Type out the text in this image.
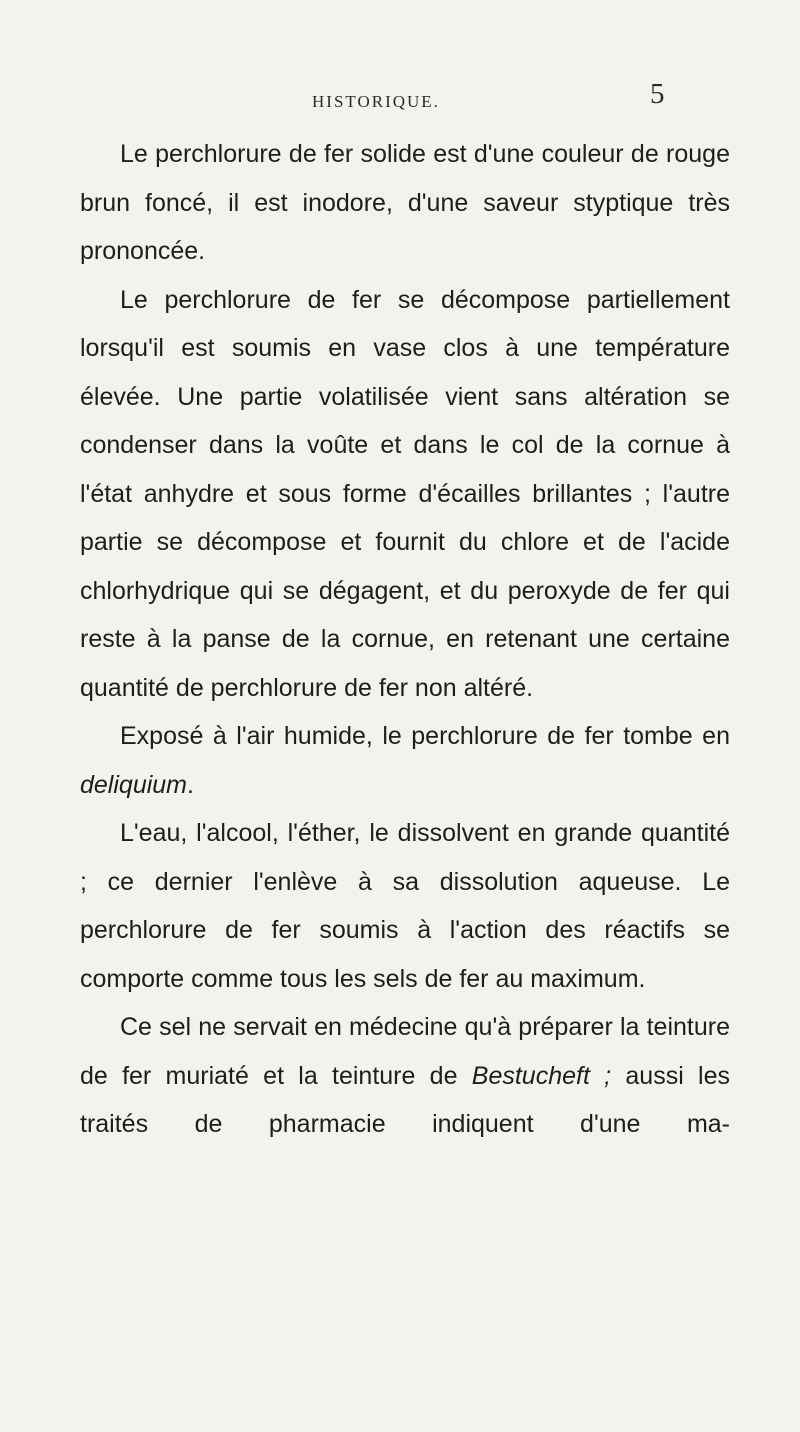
HISTORIQUE.	5

Le perchlorure de fer solide est d'une couleur de rouge brun foncé, il est inodore, d'une saveur styptique très prononcée.

Le perchlorure de fer se décompose partiellement lorsqu'il est soumis en vase clos à une température élevée. Une partie volatilisée vient sans altération se condenser dans la voûte et dans le col de la cornue à l'état anhydre et sous forme d'écailles brillantes ; l'autre partie se décompose et fournit du chlore et de l'acide chlorhydrique qui se dégagent, et du peroxyde de fer qui reste à la panse de la cornue, en retenant une certaine quantité de perchlorure de fer non altéré.

Exposé à l'air humide, le perchlorure de fer tombe en deliquium.

L'eau, l'alcool, l'éther, le dissolvent en grande quantité ; ce dernier l'enlève à sa dissolution aqueuse. Le perchlorure de fer soumis à l'action des réactifs se comporte comme tous les sels de fer au maximum.

Ce sel ne servait en médecine qu'à préparer la teinture de fer muriaté et la teinture de Bestucheft ; aussi les traités de pharmacie indiquent d'une ma-
